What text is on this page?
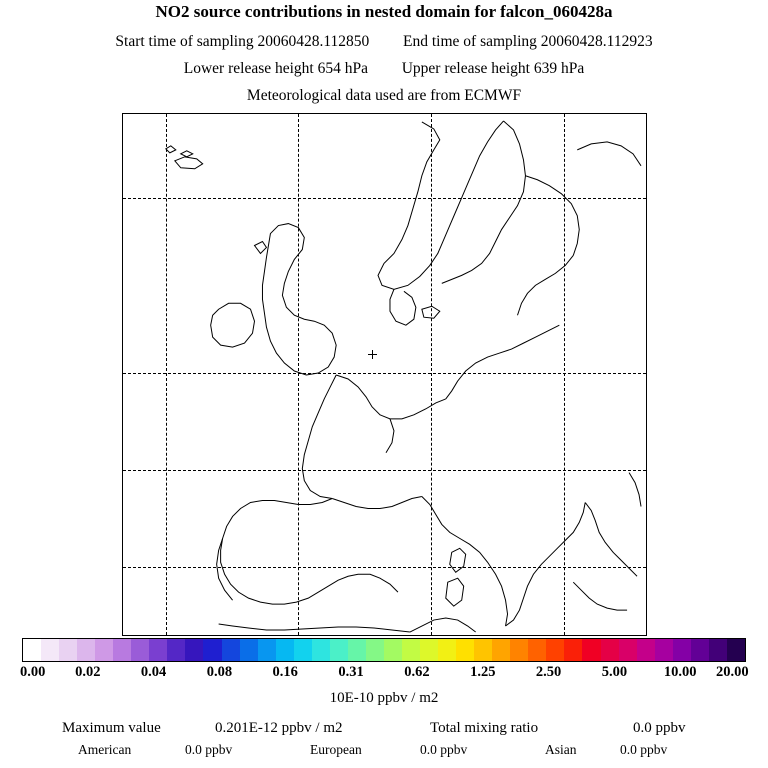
NO2 source contributions in nested domain for falcon_060428a
Start time of sampling 20060428.112850 End time of sampling 20060428.112923
Lower release height 654 hPa Upper release height 639 hPa
Meteorological data used are from ECMWF
0.00 0.02	0.04	0.08	0.16	0.31	0.62	1.25	2.50	5.00	10.00 20.00
10E-10 ppbv / m2
Maximum value	0.201E-12 ppbv / m2	Total mixing ratio	0.0 ppbv
American	0.0 ppbv	European	0.0 ppbv	Asian	0.0 ppbv
